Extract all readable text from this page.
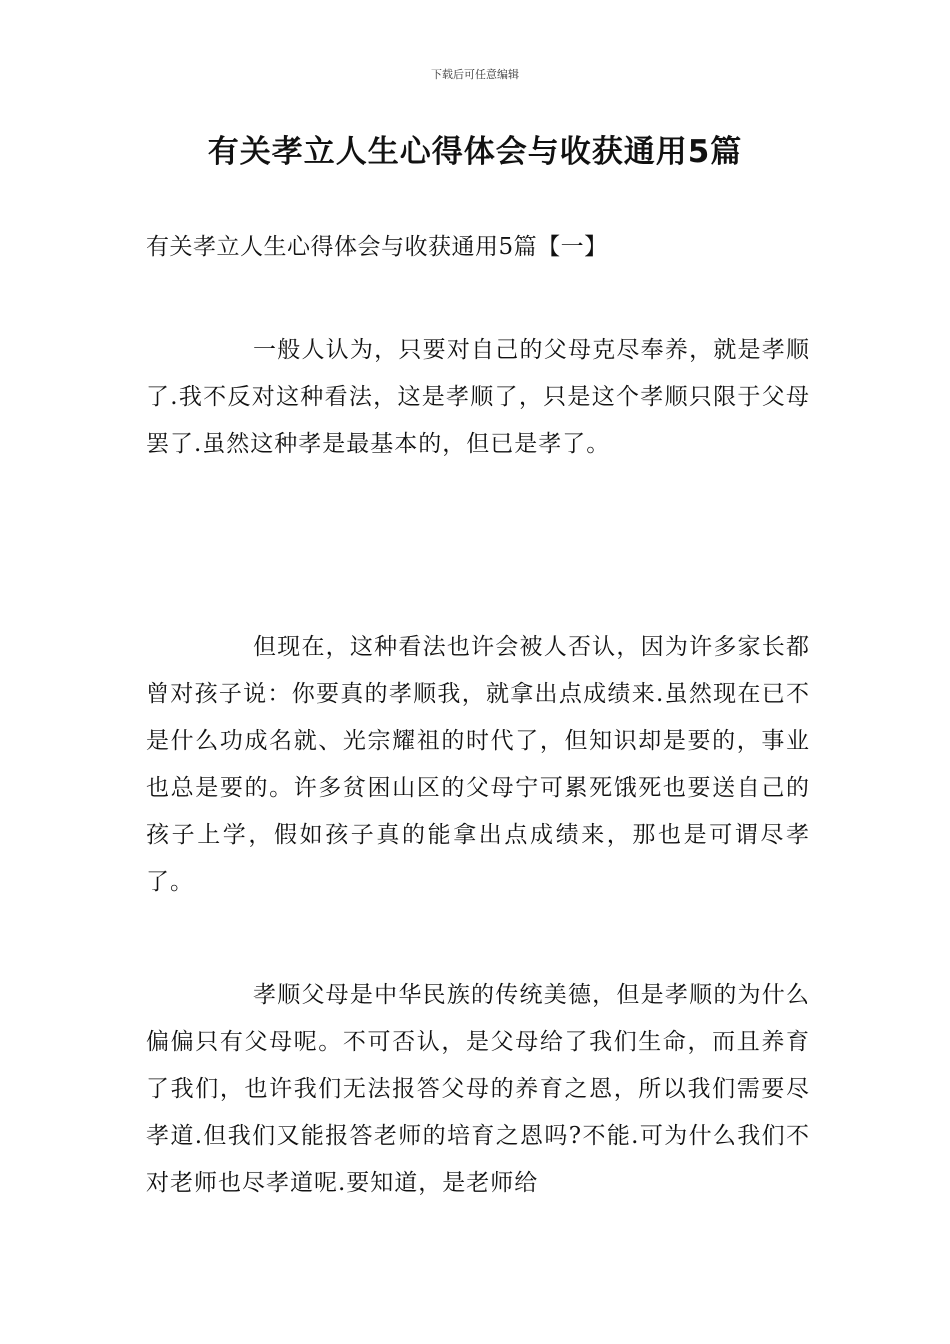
下载后可任意编辑
有关孝立人生心得体会与收获通用5篇
有关孝立人生心得体会与收获通用5篇【一】

一般人认为，只要对自己的父母克尽奉养，就是孝顺了.我不反对这种看法，这是孝顺了，只是这个孝顺只限于父母罢了.虽然这种孝是最基本的，但已是孝了。

但现在，这种看法也许会被人否认，因为许多家长都曾对孩子说：你要真的孝顺我，就拿出点成绩来.虽然现在已不是什么功成名就、光宗耀祖的时代了，但知识却是要的，事业也总是要的。许多贫困山区的父母宁可累死饿死也要送自己的孩子上学，假如孩子真的能拿出点成绩来，那也是可谓尽孝了。

孝顺父母是中华民族的传统美德，但是孝顺的为什么偏偏只有父母呢。不可否认，是父母给了我们生命，而且养育了我们，也许我们无法报答父母的养育之恩，所以我们需要尽孝道.但我们又能报答老师的培育之恩吗?不能.可为什么我们不对老师也尽孝道呢.要知道，是老师给
